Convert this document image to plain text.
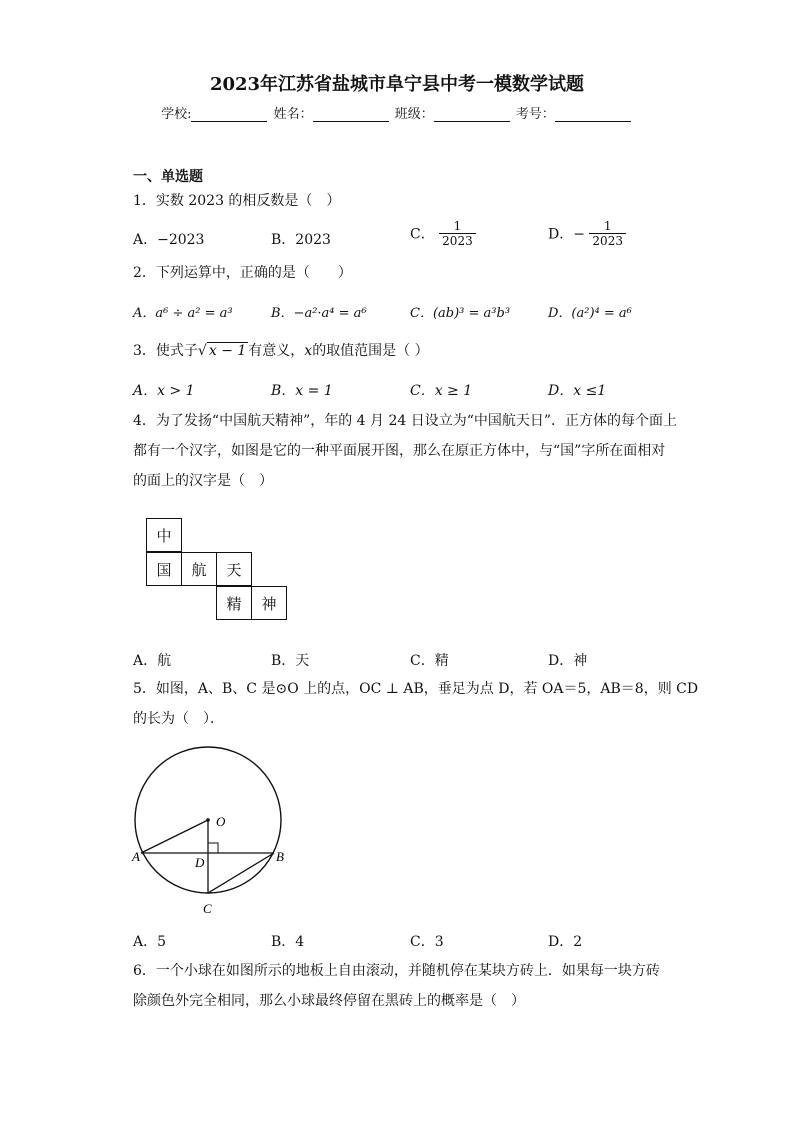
2023年江苏省盐城市阜宁县中考一模数学试题
学校:	姓名：	班级：	考号：
一、单选题
1．实数 2023 的相反数是（　）
A．−2023	B．2023	C． $\frac{1}{2023}$	D．− $\frac{1}{2023}$
2．下列运算中，正确的是（　　）
A．a⁶ ÷ a² = a³	B．−a²·a⁴ = a⁶	C．(ab)³ = a³b³	D．(a²)⁴ = a⁶
3．使式子√ x − 1 有意义，x的取值范围是（ ）
A．x > 1	B．x = 1	C．x ≥ 1	D．x ≤1
4．为了发扬“中国航天精神”，年的 4 月 24 日设立为“中国航天日”．正方体的每个面上
都有一个汉字，如图是它的一种平面展开图，那么在原正方体中，与“国”字所在面相对
的面上的汉字是（　）
中
国	航	天
精	神
A．航	B．天	C．精	D．神
5．如图，A、B、C 是⊙O 上的点，OC ⊥ AB，垂足为点 D，若 OA＝5，AB＝8，则 CD
的长为（　）．
O
A	B
D
C
A．5	B．4	C．3	D．2
6．一个小球在如图所示的地板上自由滚动，并随机停在某块方砖上．如果每一块方砖
除颜色外完全相同，那么小球最终停留在黑砖上的概率是（　）
